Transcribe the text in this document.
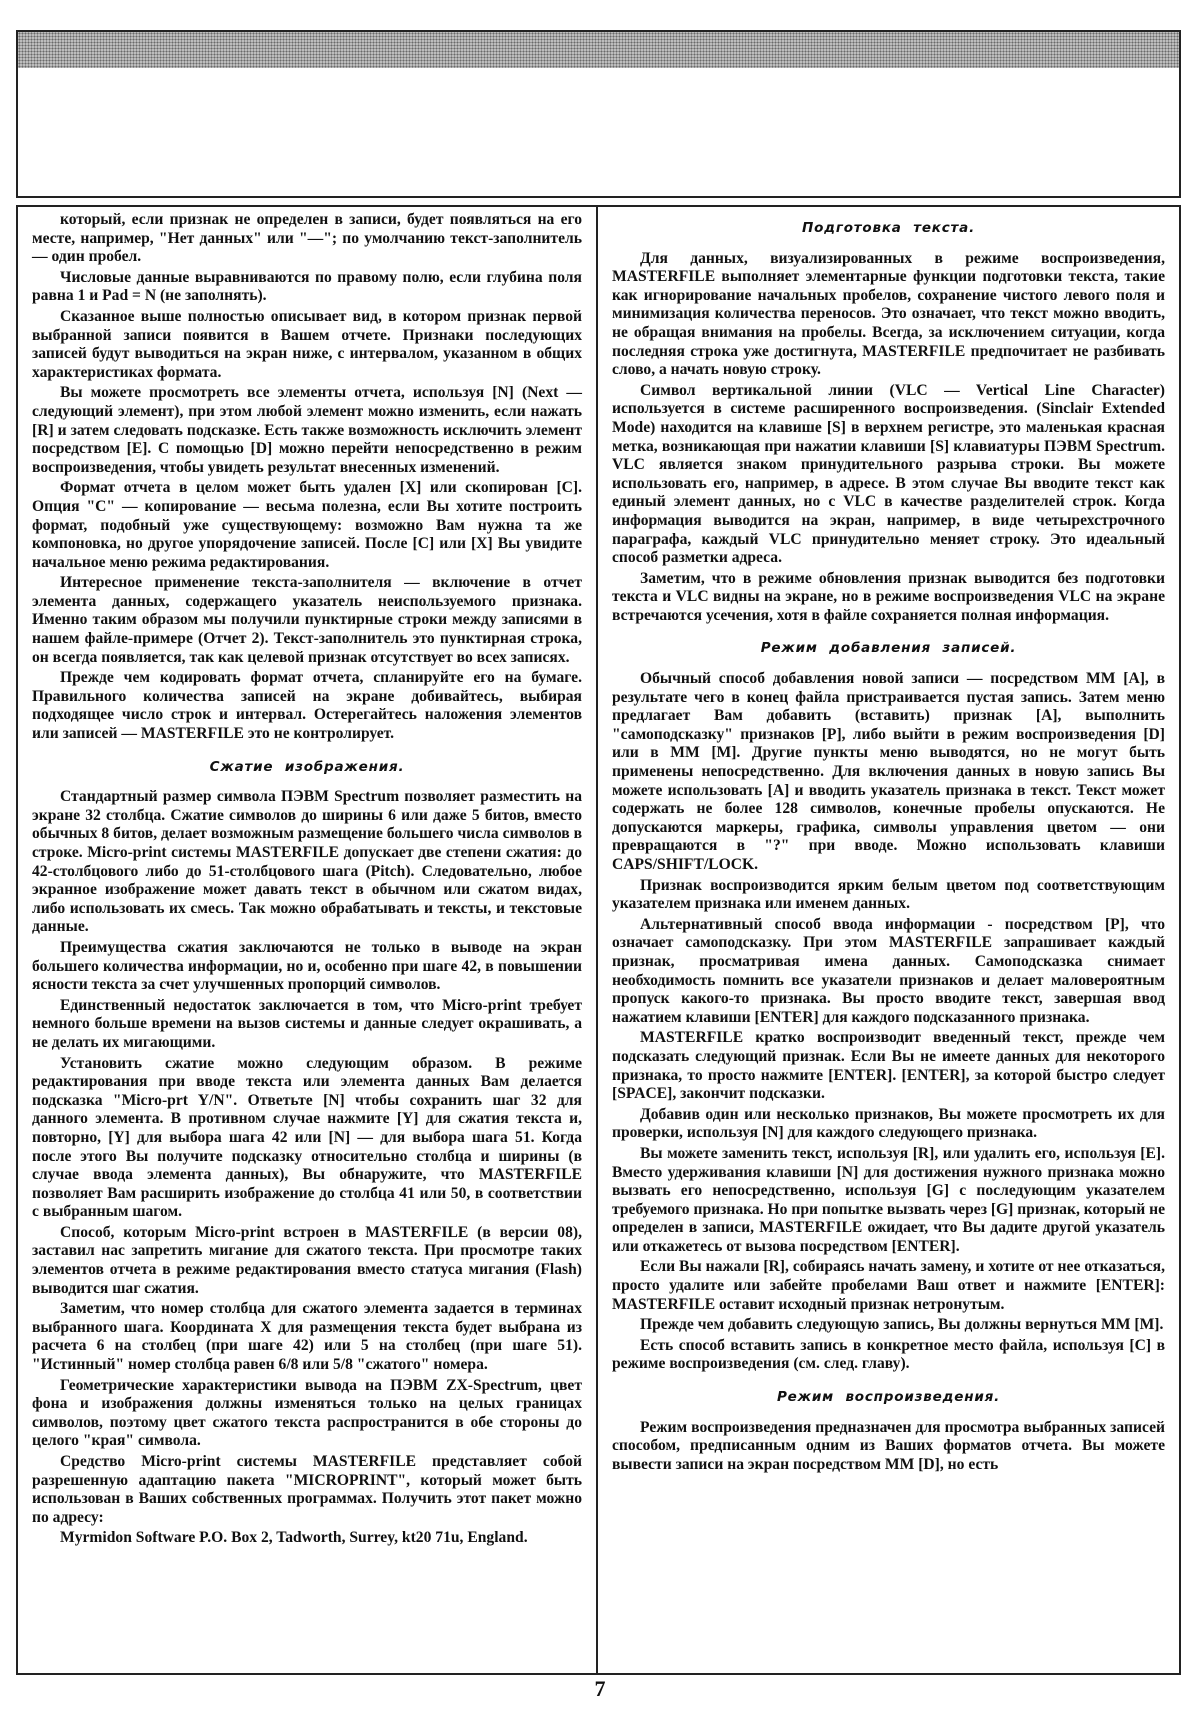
который, если признак не определен в записи, будет появляться на его месте, например, "Нет данных" или "—"; по умолчанию текст-заполнитель — один пробел.

Числовые данные выравниваются по правому полю, если глубина поля равна 1 и Pad = N (не заполнять).

Сказанное выше полностью описывает вид, в котором признак первой выбранной записи появится в Вашем отчете. Признаки последующих записей будут выводиться на экран ниже, с интервалом, указанном в общих характеристиках формата.

Вы можете просмотреть все элементы отчета, используя [N] (Next — следующий элемент), при этом любой элемент можно изменить, если нажать [R] и затем следовать подсказке. Есть также возможность исключить элемент посредством [E]. С помощью [D] можно перейти непосредственно в режим воспроизведения, чтобы увидеть результат внесенных изменений.

Формат отчета в целом может быть удален [X] или скопирован [C]. Опция "C" — копирование — весьма полезна, если Вы хотите построить формат, подобный уже существующему: возможно Вам нужна та же компоновка, но другое упорядочение записей. После [C] или [X] Вы увидите начальное меню режима редактирования.

Интересное применение текста-заполнителя — включение в отчет элемента данных, содержащего указатель неиспользуемого признака. Именно таким образом мы получили пунктирные строки между записями в нашем файле-примере (Отчет 2). Текст-заполнитель это пунктирная строка, он всегда появляется, так как целевой признак отсутствует во всех записях.

Прежде чем кодировать формат отчета, спланируйте его на бумаге. Правильного количества записей на экране добивайтесь, выбирая подходящее число строк и интервал. Остерегайтесь наложения элементов или записей — MASTERFILE это не контролирует.

Сжатие изображения.

Стандартный размер символа ПЭВМ Spectrum позволяет разместить на экране 32 столбца. Сжатие символов до ширины 6 или даже 5 битов, вместо обычных 8 битов, делает возможным размещение большего числа символов в строке. Micro-print системы MASTERFILE допускает две степени сжатия: до 42-столбцового либо до 51-столбцового шага (Pitch). Следовательно, любое экранное изображение может давать текст в обычном или сжатом видах, либо использовать их смесь. Так можно обрабатывать и тексты, и текстовые данные.

Преимущества сжатия заключаются не только в выводе на экран большего количества информации, но и, особенно при шаге 42, в повышении ясности текста за счет улучшенных пропорций символов.

Единственный недостаток заключается в том, что Micro-print требует немного больше времени на вызов системы и данные следует окрашивать, а не делать их мигающими.

Установить сжатие можно следующим образом. В режиме редактирования при вводе текста или элемента данных Вам делается подсказка "Micro-prt Y/N". Ответьте [N] чтобы сохранить шаг 32 для данного элемента. В противном случае нажмите [Y] для сжатия текста и, повторно, [Y] для выбора шага 42 или [N] — для выбора шага 51. Когда после этого Вы получите подсказку относительно столбца и ширины (в случае ввода элемента данных), Вы обнаружите, что MASTERFILE позволяет Вам расширить изображение до столбца 41 или 50, в соответствии с выбранным шагом.

Способ, которым Micro-print встроен в MASTERFILE (в версии 08), заставил нас запретить мигание для сжатого текста. При просмотре таких элементов отчета в режиме редактирования вместо статуса мигания (Flash) выводится шаг сжатия.

Заметим, что номер столбца для сжатого элемента задается в терминах выбранного шага. Координата X для размещения текста будет выбрана из расчета 6 на столбец (при шаге 42) или 5 на столбец (при шаге 51). "Истинный" номер столбца равен 6/8 или 5/8 "сжатого" номера.

Геометрические характеристики вывода на ПЭВМ ZX-Spectrum, цвет фона и изображения должны изменяться только на целых границах символов, поэтому цвет сжатого текста распространится в обе стороны до целого "края" символа.

Средство Micro-print системы MASTERFILE представляет собой разрешенную адаптацию пакета "MICROPRINT", который может быть использован в Ваших собственных программах. Получить этот пакет можно по адресу:

Myrmidon Software P.O. Box 2, Tadworth, Surrey, kt20 71u, England.

Подготовка текста.

Для данных, визуализированных в режиме воспроизведения, MASTERFILE выполняет элементарные функции подготовки текста, такие как игнорирование начальных пробелов, сохранение чистого левого поля и минимизация количества переносов. Это означает, что текст можно вводить, не обращая внимания на пробелы. Всегда, за исключением ситуации, когда последняя строка уже достигнута, MASTERFILE предпочитает не разбивать слово, а начать новую строку.

Символ вертикальной линии (VLC — Vertical Line Character) используется в системе расширенного воспроизведения. (Sinclair Extended Mode) находится на клавише [S] в верхнем регистре, это маленькая красная метка, возникающая при нажатии клавиши [S] клавиатуры ПЭВМ Spectrum. VLC является знаком принудительного разрыва строки. Вы можете использовать его, например, в адресе. В этом случае Вы вводите текст как единый элемент данных, но с VLC в качестве разделителей строк. Когда информация выводится на экран, например, в виде четырехстрочного параграфа, каждый VLC принудительно меняет строку. Это идеальный способ разметки адреса.

Заметим, что в режиме обновления признак выводится без подготовки текста и VLC видны на экране, но в режиме воспроизведения VLC на экране встречаются усечения, хотя в файле сохраняется полная информация.

Режим добавления записей.

Обычный способ добавления новой записи — посредством MM [A], в результате чего в конец файла пристраивается пустая запись. Затем меню предлагает Вам добавить (вставить) признак [A], выполнить "самоподсказку" признаков [P], либо выйти в режим воспроизведения [D] или в MM [M]. Другие пункты меню выводятся, но не могут быть применены непосредственно. Для включения данных в новую запись Вы можете использовать [A] и вводить указатель признака в текст. Текст может содержать не более 128 символов, конечные пробелы опускаются. Не допускаются маркеры, графика, символы управления цветом — они превращаются в "?" при вводе. Можно использовать клавиши CAPS/SHIFT/LOCK.

Признак воспроизводится ярким белым цветом под соответствующим указателем признака или именем данных.

Альтернативный способ ввода информации - посредством [P], что означает самоподсказку. При этом MASTERFILE запрашивает каждый признак, просматривая имена данных. Самоподсказка снимает необходимость помнить все указатели признаков и делает маловероятным пропуск какого-то признака. Вы просто вводите текст, завершая ввод нажатием клавиши [ENTER] для каждого подсказанного признака.

MASTERFILE кратко воспроизводит введенный текст, прежде чем подсказать следующий признак. Если Вы не имеете данных для некоторого признака, то просто нажмите [ENTER]. [ENTER], за которой быстро следует [SPACE], закончит подсказки.

Добавив один или несколько признаков, Вы можете просмотреть их для проверки, используя [N] для каждого следующего признака.

Вы можете заменить текст, используя [R], или удалить его, используя [E]. Вместо удерживания клавиши [N] для достижения нужного признака можно вызвать его непосредственно, используя [G] с последующим указателем требуемого признака. Но при попытке вызвать через [G] признак, который не определен в записи, MASTERFILE ожидает, что Вы дадите другой указатель или откажетесь от вызова посредством [ENTER].

Если Вы нажали [R], собираясь начать замену, и хотите от нее отказаться, просто удалите или забейте пробелами Ваш ответ и нажмите [ENTER]: MASTERFILE оставит исходный признак нетронутым.

Прежде чем добавить следующую запись, Вы должны вернуться MM [M].

Есть способ вставить запись в конкретное место файла, используя [C] в режиме воспроизведения (см. след. главу).

Режим воспроизведения.

Режим воспроизведения предназначен для просмотра выбранных записей способом, предписанным одним из Ваших форматов отчета. Вы можете вывести записи на экран посредством MM [D], но есть

7
